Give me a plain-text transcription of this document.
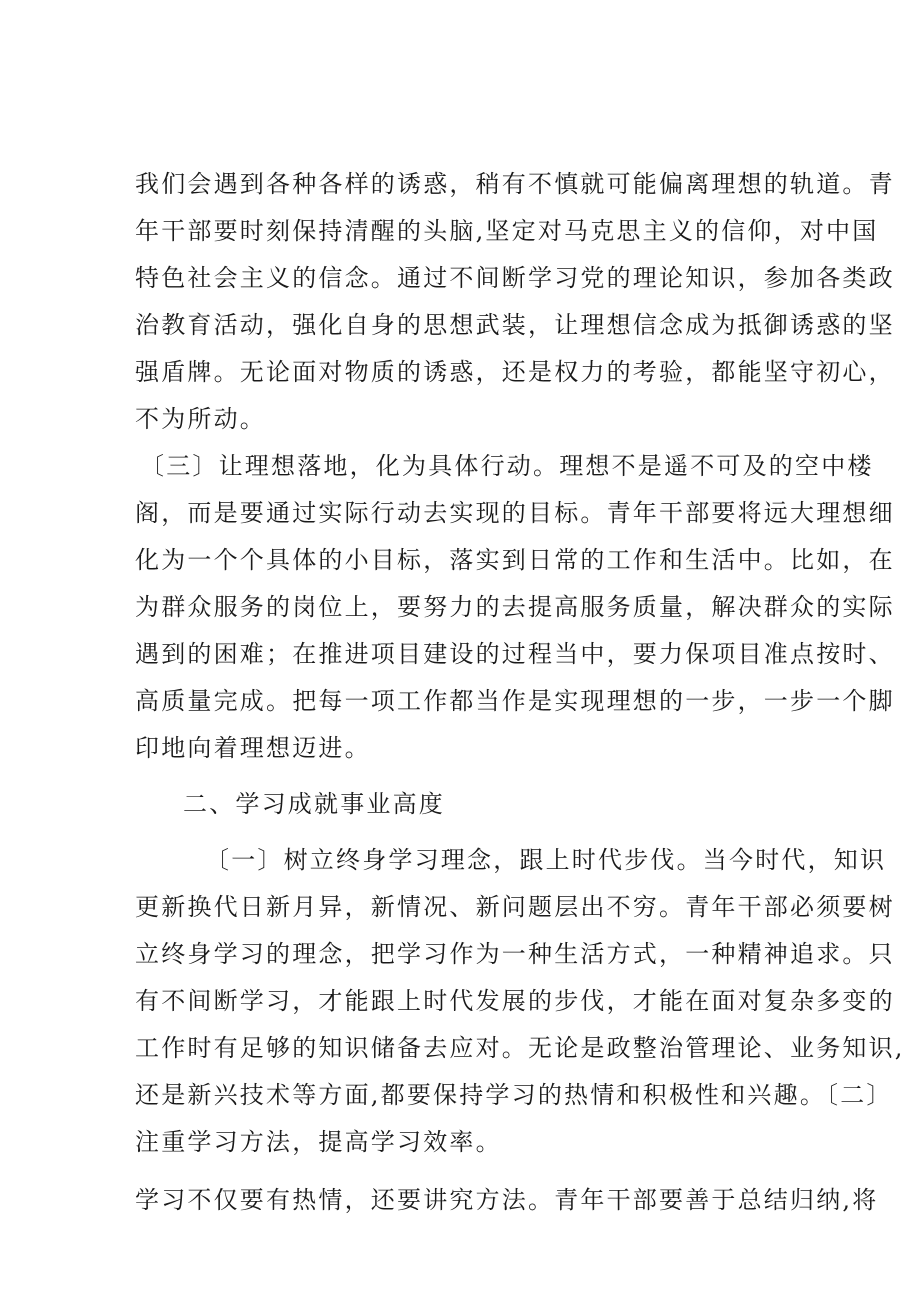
我们会遇到各种各样的诱惑，稍有不慎就可能偏离理想的轨道。青
年干部要时刻保持清醒的头脑,坚定对马克思主义的信仰，对中国
特色社会主义的信念。通过不间断学习党的理论知识，参加各类政
治教育活动，强化自身的思想武装，让理想信念成为抵御诱惑的坚
强盾牌。无论面对物质的诱惑，还是权力的考验，都能坚守初心，
不为所动。
〔三〕让理想落地，化为具体行动。理想不是遥不可及的空中楼
阁，而是要通过实际行动去实现的目标。青年干部要将远大理想细
化为一个个具体的小目标，落实到日常的工作和生活中。比如，在
为群众服务的岗位上，要努力的去提高服务质量，解决群众的实际
遇到的困难；在推进项目建设的过程当中，要力保项目准点按时、
高质量完成。把每一项工作都当作是实现理想的一步，一步一个脚
印地向着理想迈进。
二、学习成就事业高度
〔一〕树立终身学习理念，跟上时代步伐。当今时代，知识
更新换代日新月异，新情况、新问题层出不穷。青年干部必须要树
立终身学习的理念，把学习作为一种生活方式，一种精神追求。只
有不间断学习，才能跟上时代发展的步伐，才能在面对复杂多变的
工作时有足够的知识储备去应对。无论是政整治管理论、业务知识,
还是新兴技术等方面,都要保持学习的热情和积极性和兴趣。〔二〕
注重学习方法，提高学习效率。
学习不仅要有热情，还要讲究方法。青年干部要善于总结归纳,将
